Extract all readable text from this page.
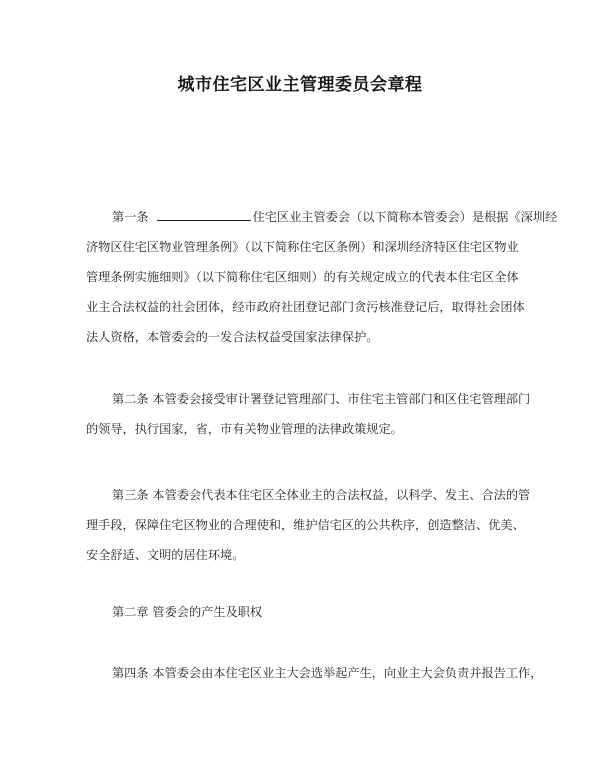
城市住宅区业主管理委员会章程
第一条	住宅区业主管委会（以下简称本管委会）是根据《深圳经
济物区住宅区物业管理条例》（以下简称住宅区条例）和深圳经济特区住宅区物业
管理条例实施细则》（以下简称住宅区细则）的有关规定成立的代表本住宅区全体
业主合法权益的社会团体，经市政府社团登记部门贪污核准登记后，取得社会团体
法人资格，本管委会的一发合法权益受国家法律保护。
第二条 本管委会接受审计署登记管理部门、市住宅主管部门和区住宅管理部门
的领导，执行国家，省，市有关物业管理的法律政策规定。
第三条 本管委会代表本住宅区全体业主的合法权益，以科学、发主、合法的管
理手段，保障住宅区物业的合理使和，维护信宅区的公共秩序，创造整洁、优美、
安全舒适、文明的居住环境。
第二章 管委会的产生及职权
第四条 本管委会由本住宅区业主大会选举起产生，向业主大会负责并报告工作，
